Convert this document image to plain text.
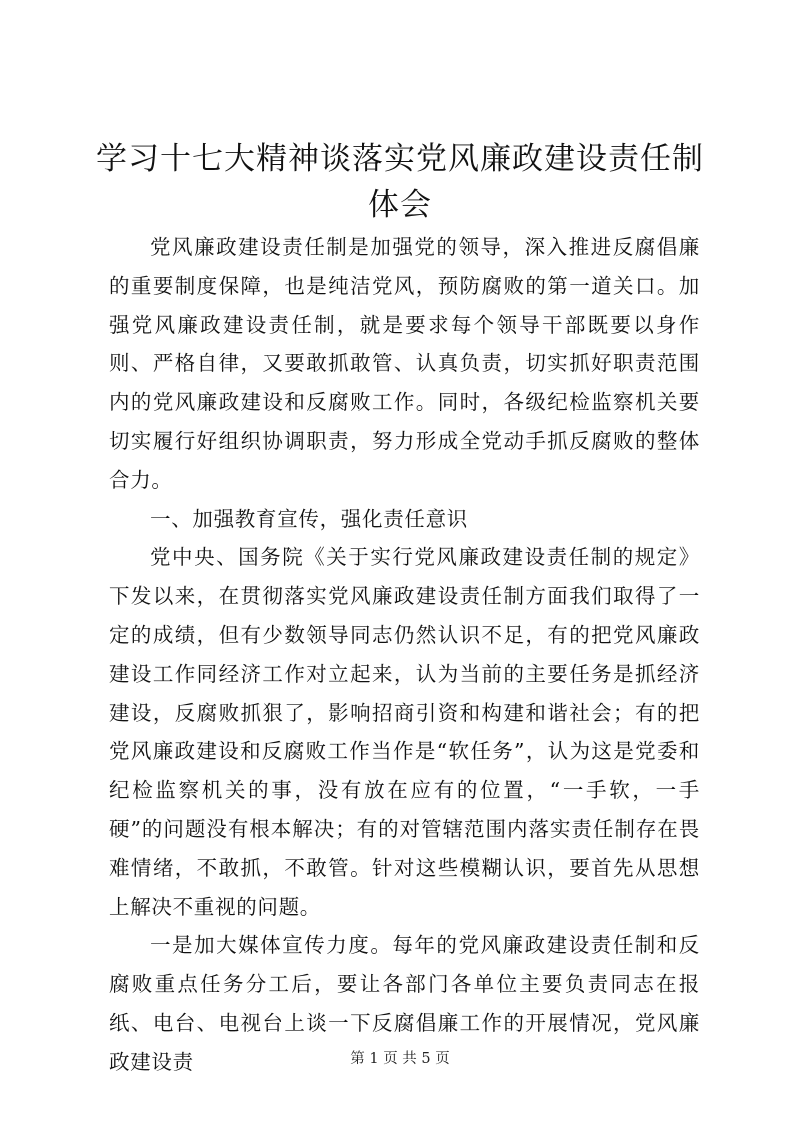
学习十七大精神谈落实党风廉政建设责任制体会

党风廉政建设责任制是加强党的领导，深入推进反腐倡廉的重要制度保障，也是纯洁党风，预防腐败的第一道关口。加强党风廉政建设责任制，就是要求每个领导干部既要以身作则、严格自律，又要敢抓敢管、认真负责，切实抓好职责范围内的党风廉政建设和反腐败工作。同时，各级纪检监察机关要切实履行好组织协调职责，努力形成全党动手抓反腐败的整体合力。

一、加强教育宣传，强化责任意识

党中央、国务院《关于实行党风廉政建设责任制的规定》下发以来，在贯彻落实党风廉政建设责任制方面我们取得了一定的成绩，但有少数领导同志仍然认识不足，有的把党风廉政建设工作同经济工作对立起来，认为当前的主要任务是抓经济建设，反腐败抓狠了，影响招商引资和构建和谐社会；有的把党风廉政建设和反腐败工作当作是“软任务”，认为这是党委和纪检监察机关的事，没有放在应有的位置，“一手软，一手硬”的问题没有根本解决；有的对管辖范围内落实责任制存在畏难情绪，不敢抓，不敢管。针对这些模糊认识，要首先从思想上解决不重视的问题。

一是加大媒体宣传力度。每年的党风廉政建设责任制和反腐败重点任务分工后，要让各部门各单位主要负责同志在报纸、电台、电视台上谈一下反腐倡廉工作的开展情况，党风廉政建设责	第 1 页 共 5 页
